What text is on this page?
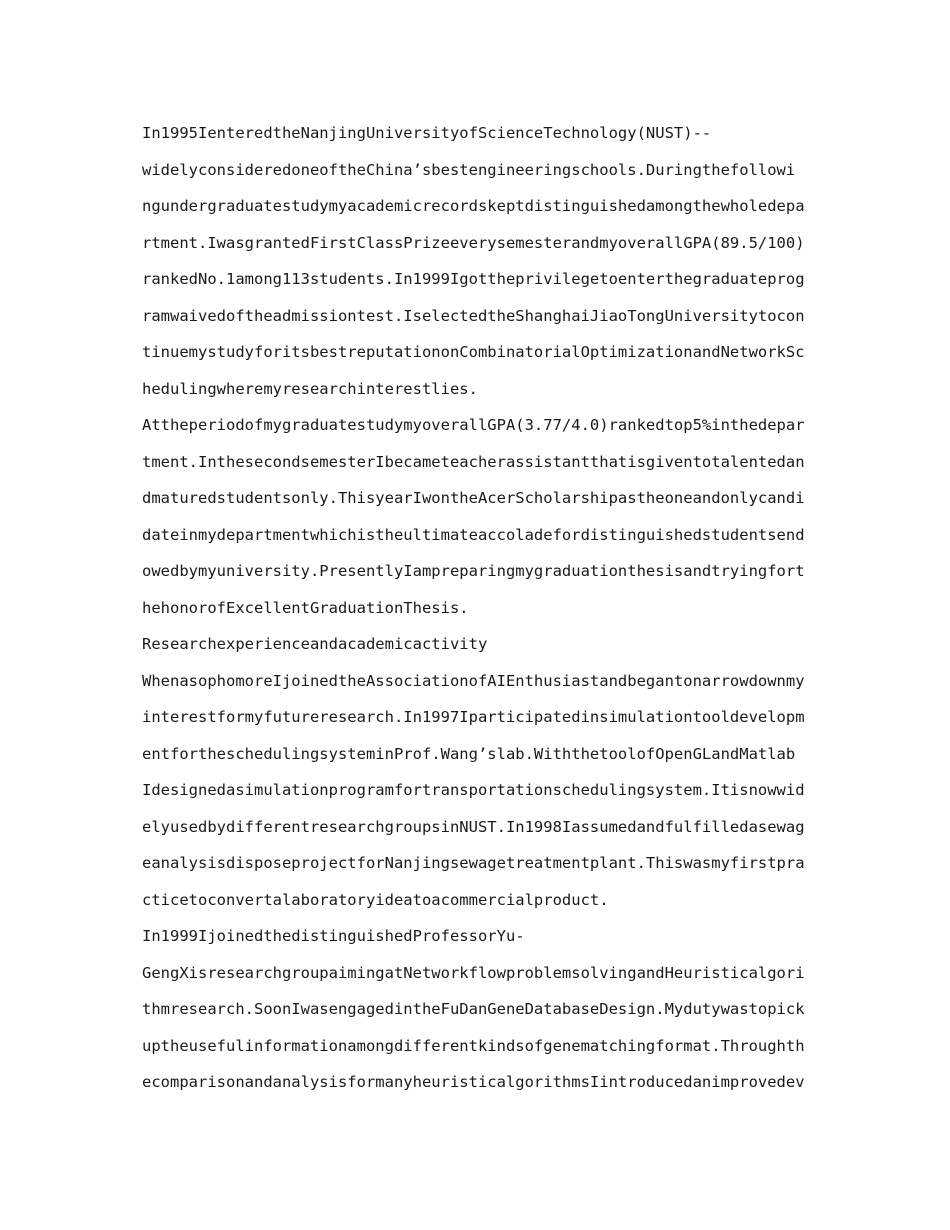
In1995IenteredtheNanjingUniversityofScienceTechnology(NUST)--
widelyconsideredoneoftheChina’sbestengineeringschools.Duringthefollowi
ngundergraduatestudymyacademicrecordskeptdistinguishedamongthewholedepa
rtment.IwasgrantedFirstClassPrizeeverysemesterandmyoverallGPA(89.5/100)
rankedNo.1among113students.In1999Igottheprivilegetoenterthegraduateprog
ramwaivedoftheadmissiontest.IselectedtheShanghaiJiaoTongUniversitytocon
tinuemystudyforitsbestreputationonCombinatorialOptimizationandNetworkSc
hedulingwheremyresearchinterestlies.
AttheperiodofmygraduatestudymyoverallGPA(3.77/4.0)rankedtop5%inthedepar
tment.InthesecondsemesterIbecameteacherassistantthatisgiventotalentedan
dmaturedstudentsonly.ThisyearIwontheAcerScholarshipastheoneandonlycandi
dateinmydepartmentwhichistheultimateaccoladefordistinguishedstudentsend
owedbymyuniversity.PresentlyIampreparingmygraduationthesisandtryingfort
hehonorofExcellentGraduationThesis.
Researchexperienceandacademicactivity
WhenasophomoreIjoinedtheAssociationofAIEnthusiastandbegantonarrowdownmy
interestformyfutureresearch.In1997Iparticipatedinsimulationtooldevelopm
entfortheschedulingsysteminProf.Wang’slab.WiththetoolofOpenGLandMatlab
Idesignedasimulationprogramfortransportationschedulingsystem.Itisnowwid
elyusedbydifferentresearchgroupsinNUST.In1998Iassumedandfulfilledasewag
eanalysisdisposeprojectforNanjingsewagetreatmentplant.Thiswasmyfirstpra
cticetoconvertalaboratoryideatoacommercialproduct.
In1999IjoinedthedistinguishedProfessorYu-
GengXisresearchgroupaimingatNetworkflowproblemsolvingandHeuristicalgori
thmresearch.SoonIwasengagedintheFuDanGeneDatabaseDesign.Mydutywastopick
uptheusefulinformationamongdifferentkindsofgenematchingformat.Throughth
ecomparisonandanalysisformanyheuristicalgorithmsIintroducedanimprovedev
